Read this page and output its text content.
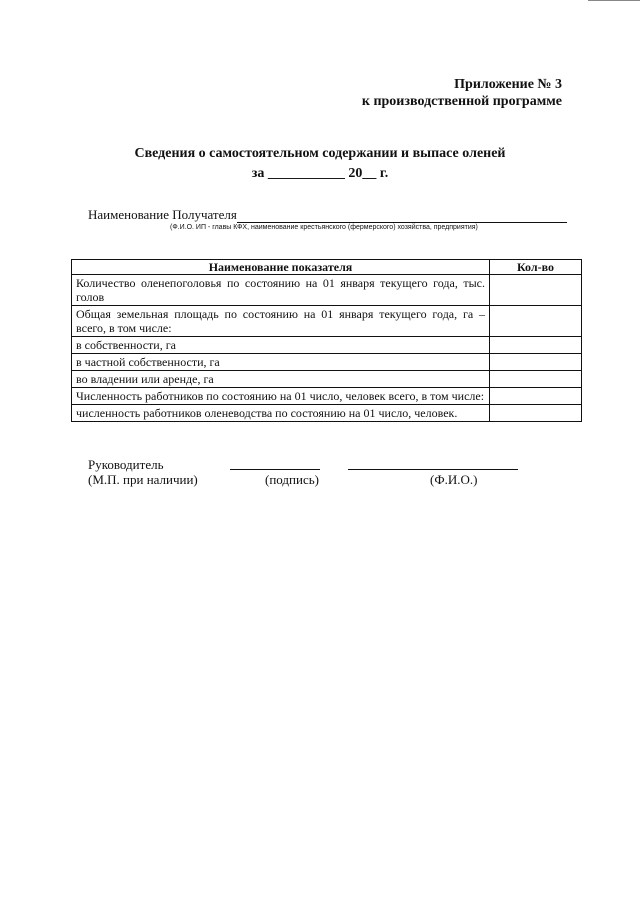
Приложение № 3
к производственной программе
Сведения о самостоятельном содержании и выпасе оленей
за ___________ 20__ г.
Наименование Получателя
(Ф.И.О. ИП - главы КФХ, наименование крестьянского (фермерского) хозяйства, предприятия)
Наименование показателя	Кол-во
Количество оленепоголовья по состоянию на 01 января текущего года, тыс. голов	
Общая земельная площадь по состоянию на 01 января текущего года, га – всего, в том числе:	
в собственности, га	
в частной собственности, га	
во владении или аренде, га	
Численность работников по состоянию на 01 число, человек всего, в том числе:	
численность работников оленеводства по состоянию на 01 число, человек.	
Руководитель
(М.П. при наличии)	(подпись)	(Ф.И.О.)
